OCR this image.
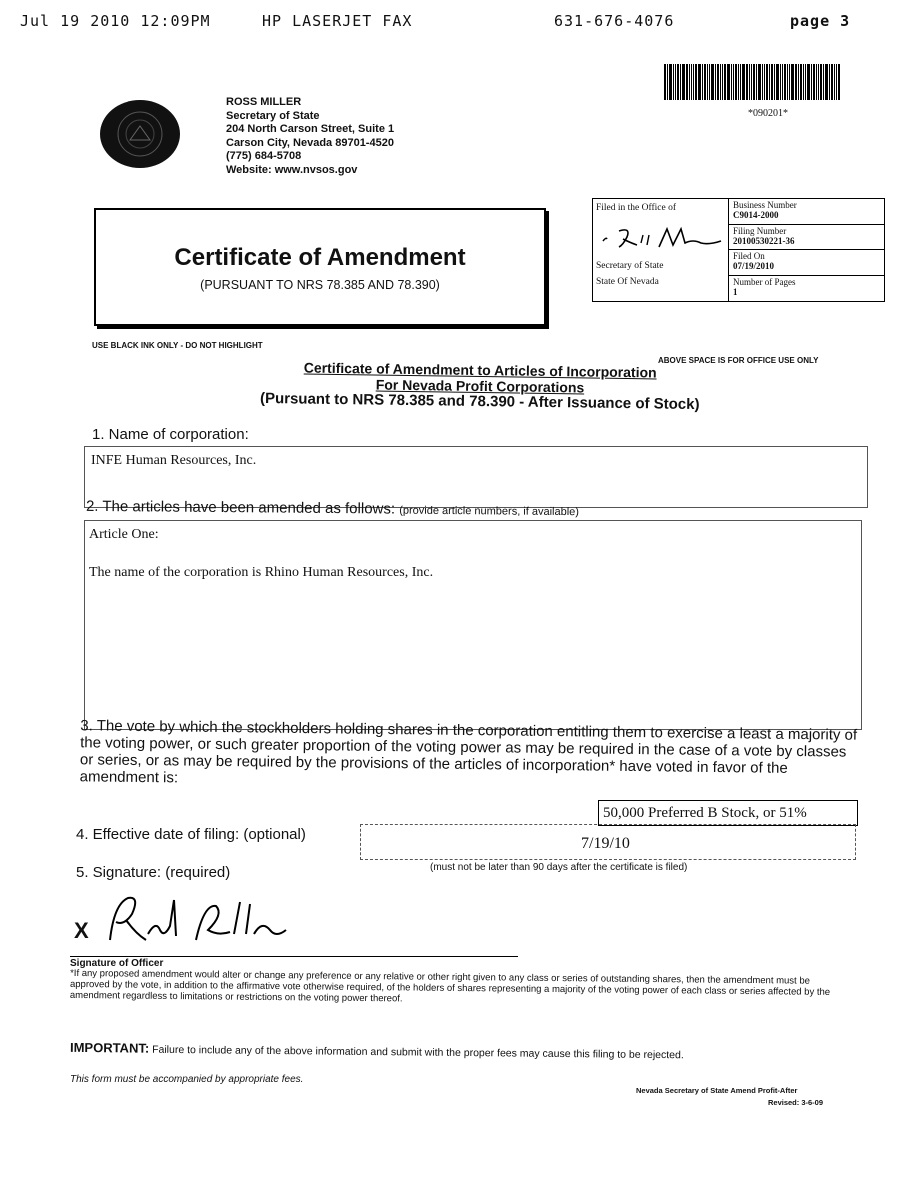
Jul 19 2010 12:09PM	HP LASERJET FAX	631-676-4076	page 3
*090201*
ROSS MILLER
Secretary of State
204 North Carson Street, Suite 1
Carson City, Nevada 89701-4520
(775) 684-5708
Website: www.nvsos.gov
Certificate of Amendment
(PURSUANT TO NRS 78.385 AND 78.390)
Filed in the Office of
Secretary of State
State Of Nevada
Business Number
C9014-2000
Filing Number
20100530221-36
Filed On
07/19/2010
Number of Pages
1
USE BLACK INK ONLY - DO NOT HIGHLIGHT
ABOVE SPACE IS FOR OFFICE USE ONLY
Certificate of Amendment to Articles of Incorporation
For Nevada Profit Corporations
(Pursuant to NRS 78.385 and 78.390 - After Issuance of Stock)
1. Name of corporation:
INFE Human Resources, Inc.
2. The articles have been amended as follows: (provide article numbers, if available)
Article One:
The name of the corporation is Rhino Human Resources, Inc.
3. The vote by which the stockholders holding shares in the corporation entitling them to exercise a least a majority of the voting power, or such greater proportion of the voting power as may be required in the case of a vote by classes or series, or as may be required by the provisions of the articles of incorporation* have voted in favor of the amendment is:
50,000 Preferred B Stock, or 51%
4. Effective date of filing: (optional)
7/19/10
(must not be later than 90 days after the certificate is filed)
5. Signature: (required)
X
Signature of Officer
*If any proposed amendment would alter or change any preference or any relative or other right given to any class or series of outstanding shares, then the amendment must be approved by the vote, in addition to the affirmative vote otherwise required, of the holders of shares representing a majority of the voting power of each class or series affected by the amendment regardless to limitations or restrictions on the voting power thereof.
IMPORTANT: Failure to include any of the above information and submit with the proper fees may cause this filing to be rejected.
This form must be accompanied by appropriate fees.
Nevada Secretary of State Amend Profit-After
Revised: 3-6-09
